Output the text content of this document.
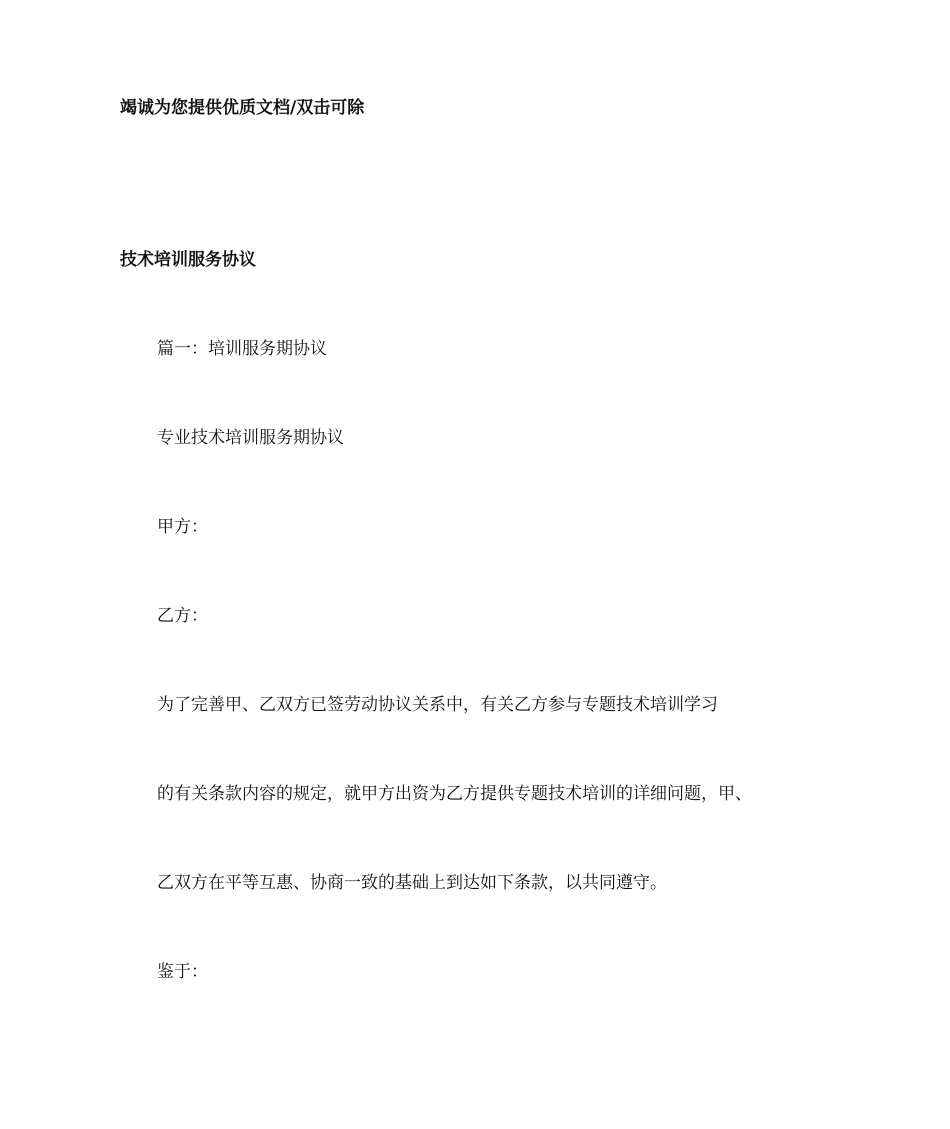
竭诚为您提供优质文档/双击可除
技术培训服务协议
篇一：培训服务期协议
专业技术培训服务期协议
甲方：
乙方：
为了完善甲、乙双方已签劳动协议关系中，有关乙方参与专题技术培训学习
的有关条款内容的规定，就甲方出资为乙方提供专题技术培训的详细问题，甲、
乙双方在平等互惠、协商一致的基础上到达如下条款，以共同遵守。
鉴于：
